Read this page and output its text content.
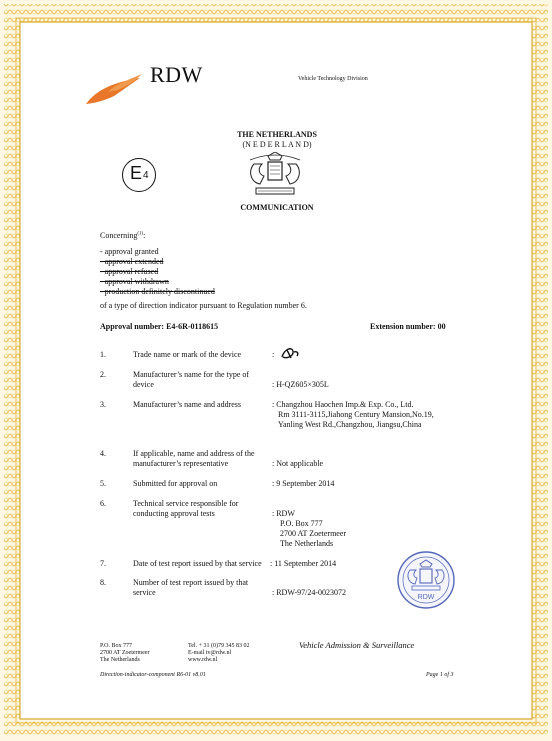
RDW	Vehicle Technology Division
THE NETHERLANDS
(N E D E R L A N D)
E 4
COMMUNICATION
Concerning$^{(1)}$:
- approval granted
- approval extended
- approval refused
- approval withdrawn
- production definitely discontinued
of a type of direction indicator pursuant to Regulation number 6.
Approval number: E4-6R-0118615	Extension number: 00
1.	Trade name or mark of the device	:
2.	Manufacturer’s name for the type of
device	: H-QZ605×305L
3.	Manufacturer’s name and address	: Changzhou Haochen Imp.& Exp. Co., Ltd.
Rm 3111-3115,Jiahong Century Mansion,No.19,
Yanling West Rd.,Changzhou, Jiangsu,China
4.	If applicable, name and address of the
manufacturer’s representative	: Not applicable
5.	Submitted for approval on	: 9 September 2014
6.	Technical service responsible for
conducting approval tests	: RDW
P.O. Box 777
2700 AT Zoetermeer
The Netherlands
7.	Date of test report issued by that service : 11 September 2014
8.	Number of test report issued by that
service	: RDW-97/24-0023072
RDW
P.O. Box 777
2700 AT Zoetermeer
The Netherlands
Tel. + 31 (0)79 345 83 02
E-mail tv@rdw.nl
www.rdw.nl
Vehicle Admission & Surveillance
Direction-indicator-component R6-01 v8.01	Page 1 of 3
